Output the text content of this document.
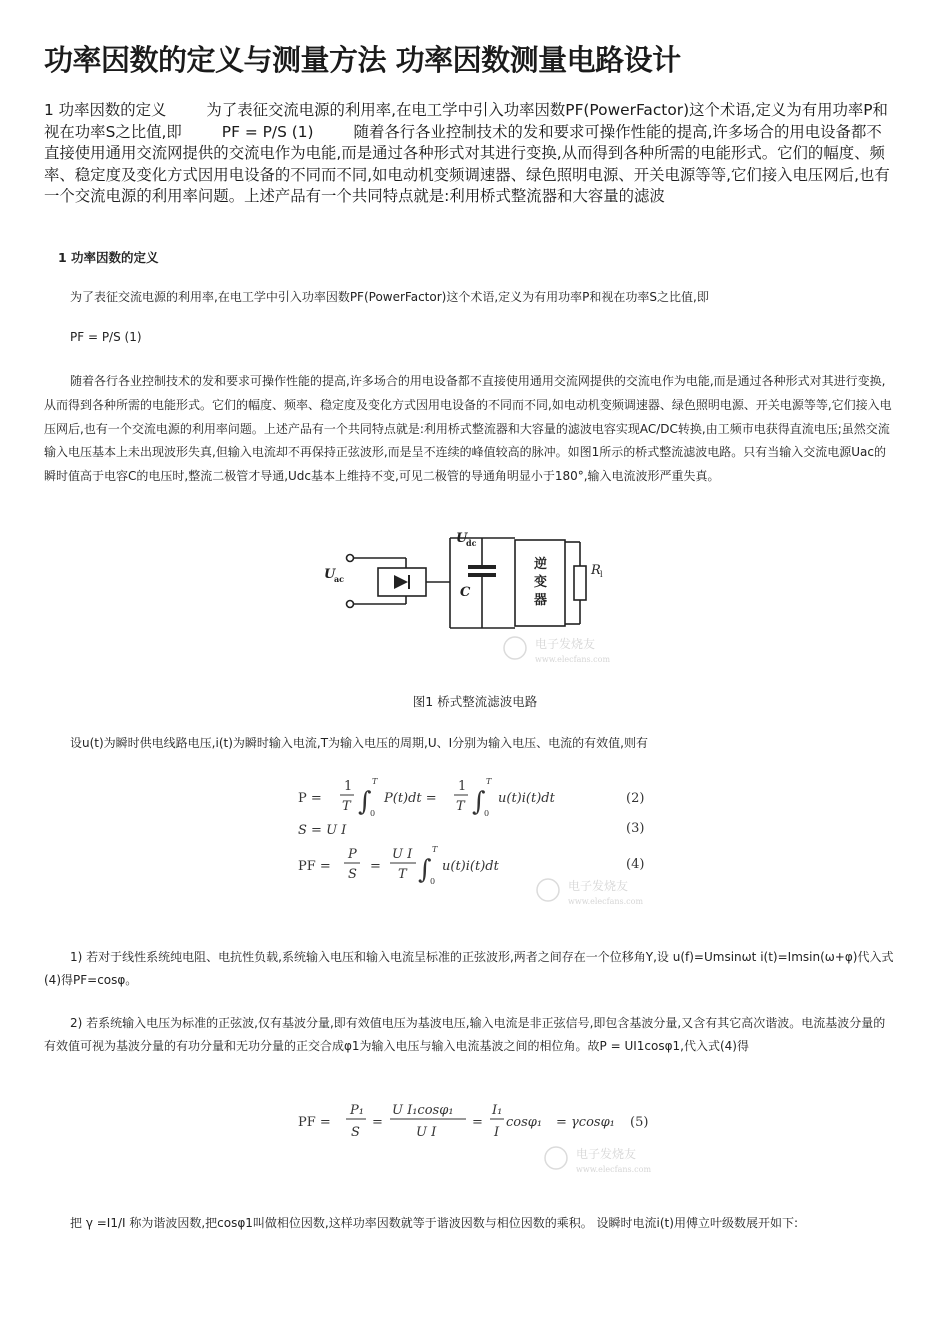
功率因数的定义与测量方法 功率因数测量电路设计
1 功率因数的定义	为了表征交流电源的利用率,在电工学中引入功率因数PF(PowerFactor)这个术语,定义为有用功率P和视在功率S之比值,即	PF = P/S (1)	随着各行各业控制技术的发和要求可操作性能的提高,许多场合的用电设备都不直接使用通用交流网提供的交流电作为电能,而是通过各种形式对其进行变换,从而得到各种所需的电能形式。它们的幅度、频率、稳定度及变化方式因用电设备的不同而不同,如电动机变频调速器、绿色照明电源、开关电源等等,它们接入电压网后,也有一个交流电源的利用率问题。上述产品有一个共同特点就是:利用桥式整流器和大容量的滤波
1 功率因数的定义
为了表征交流电源的利用率,在电工学中引入功率因数PF(PowerFactor)这个术语,定义为有用功率P和视在功率S之比值,即
PF = P/S (1)
随着各行各业控制技术的发和要求可操作性能的提高,许多场合的用电设备都不直接使用通用交流网提供的交流电作为电能,而是通过各种形式对其进行变换,从而得到各种所需的电能形式。它们的幅度、频率、稳定度及变化方式因用电设备的不同而不同,如电动机变频调速器、绿色照明电源、开关电源等等,它们接入电压网后,也有一个交流电源的利用率问题。上述产品有一个共同特点就是:利用桥式整流器和大容量的滤波电容实现AC/DC转换,由工频市电获得直流电压;虽然交流输入电压基本上未出现波形失真,但输入电流却不再保持正弦波形,而是呈不连续的峰值较高的脉冲。如图1所示的桥式整流滤波电路。只有当输入交流电源Uac的瞬时值高于电容C的电压时,整流二极管才导通,Udc基本上维持不变,可见二极管的导通角明显小于180°,输入电流波形严重失真。
U
ac
U
dc
C
逆
变
器
R l
电子发烧友
www.elecfans.com
图1 桥式整流滤波电路
设u(t)为瞬时供电线路电压,i(t)为瞬时输入电流,T为输入电压的周期,U、I分别为输入电压、电流的有效值,则有
P =
1
T ∫
T
0
P(t)dt =
1
T ∫
T
0
u(t)i(t)dt	(2)
S = U I	(3)
PF =
P
S
=
U I
T ∫
T
0
u(t)i(t)dt	(4)
电子发烧友
www.elecfans.com
1) 若对于线性系统纯电阻、电抗性负载,系统输入电压和输入电流呈标准的正弦波形,两者之间存在一个位移角Y,设 u(f)=Umsinωt i(t)=Imsin(ω+φ)代入式(4)得PF=cosφ。
2) 若系统输入电压为标准的正弦波,仅有基波分量,即有效值电压为基波电压,输入电流是非正弦信号,即包含基波分量,又含有其它高次谐波。电流基波分量的有效值可视为基波分量的有功分量和无功分量的正交合成φ1为输入电压与输入电流基波之间的相位角。故P = UI1cosφ1,代入式(4)得
PF =
P₁
S
=
U I₁cosφ₁
U I
=
I₁
I
cosφ₁ = γcosφ₁ (5)
电子发烧友
www.elecfans.com
把 γ =I1/I 称为谐波因数,把cosφ1叫做相位因数,这样功率因数就等于谐波因数与相位因数的乘积。 设瞬时电流i(t)用傅立叶级数展开如下:
